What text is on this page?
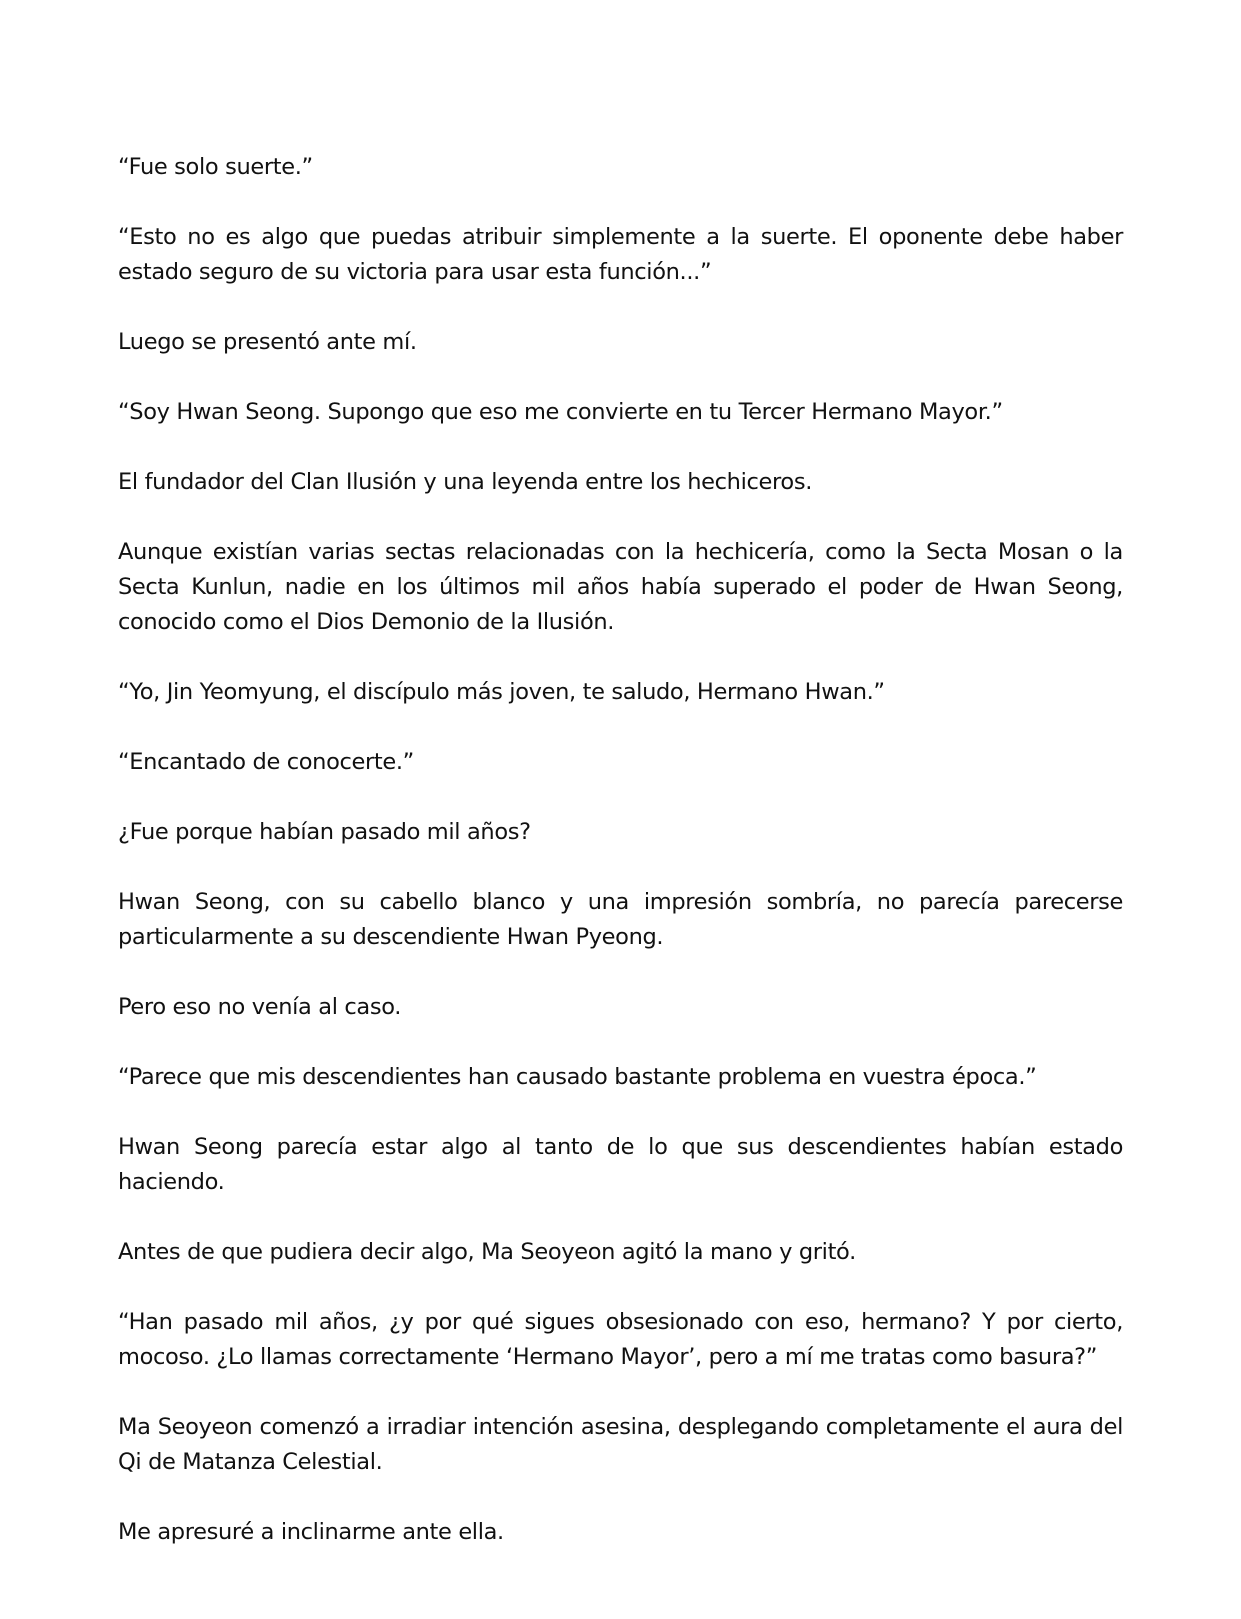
“Fue solo suerte.”

“Esto no es algo que puedas atribuir simplemente a la suerte. El oponente debe haber estado seguro de su victoria para usar esta función...”

Luego se presentó ante mí.

“Soy Hwan Seong. Supongo que eso me convierte en tu Tercer Hermano Mayor.”

El fundador del Clan Ilusión y una leyenda entre los hechiceros.

Aunque existían varias sectas relacionadas con la hechicería, como la Secta Mosan o la Secta Kunlun, nadie en los últimos mil años había superado el poder de Hwan Seong, conocido como el Dios Demonio de la Ilusión.

“Yo, Jin Yeomyung, el discípulo más joven, te saludo, Hermano Hwan.”

“Encantado de conocerte.”

¿Fue porque habían pasado mil años?

Hwan Seong, con su cabello blanco y una impresión sombría, no parecía parecerse particularmente a su descendiente Hwan Pyeong.

Pero eso no venía al caso.

“Parece que mis descendientes han causado bastante problema en vuestra época.”

Hwan Seong parecía estar algo al tanto de lo que sus descendientes habían estado haciendo.

Antes de que pudiera decir algo, Ma Seoyeon agitó la mano y gritó.

“Han pasado mil años, ¿y por qué sigues obsesionado con eso, hermano? Y por cierto, mocoso. ¿Lo llamas correctamente ‘Hermano Mayor’, pero a mí me tratas como basura?”

Ma Seoyeon comenzó a irradiar intención asesina, desplegando completamente el aura del Qi de Matanza Celestial.

Me apresuré a inclinarme ante ella.
